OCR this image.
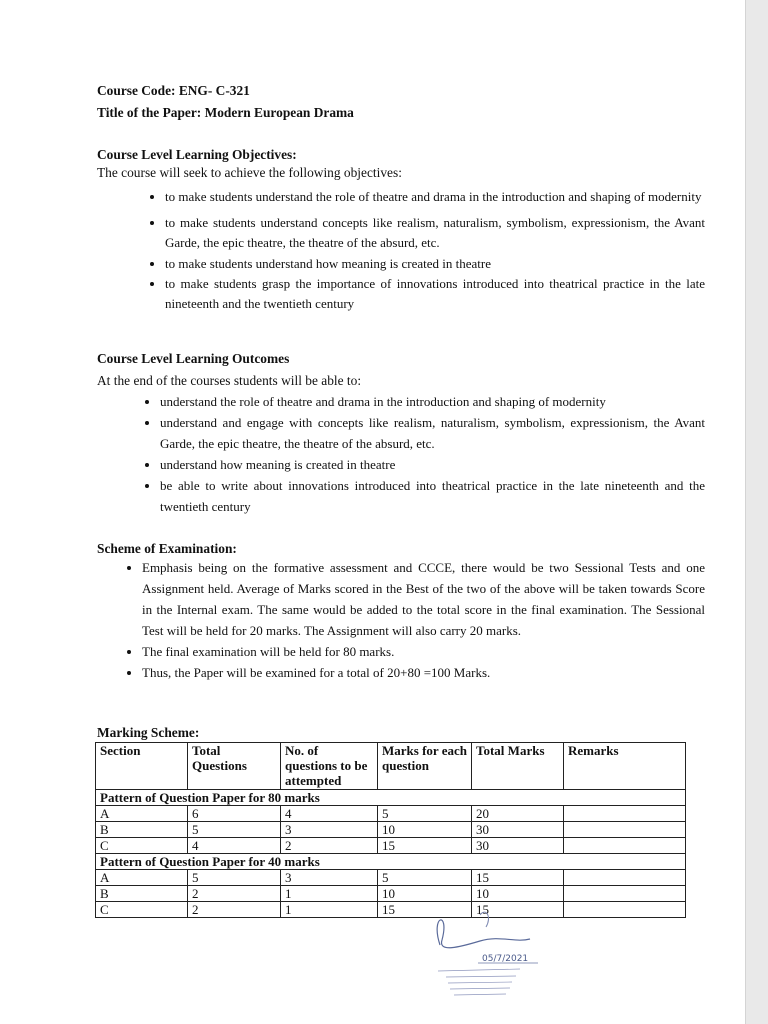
Course Code: ENG- C-321
Title of the Paper: Modern European Drama
Course Level Learning Objectives:
The course will seek to achieve the following objectives:
• to make students understand the role of theatre and drama in the introduction and shaping of modernity
• to make students understand concepts like realism, naturalism, symbolism, expressionism, the Avant Garde, the epic theatre, the theatre of the absurd, etc.
• to make students understand how meaning is created in theatre
• to make students grasp the importance of innovations introduced into theatrical practice in the late nineteenth and the twentieth century
Course Level Learning Outcomes
At the end of the courses students will be able to:
• understand the role of theatre and drama in the introduction and shaping of modernity
• understand and engage with concepts like realism, naturalism, symbolism, expressionism, the Avant Garde, the epic theatre, the theatre of the absurd, etc.
• understand how meaning is created in theatre
• be able to write about innovations introduced into theatrical practice in the late nineteenth and the twentieth century
Scheme of Examination:
• Emphasis being on the formative assessment and CCCE, there would be two Sessional Tests and one Assignment held. Average of Marks scored in the Best of the two of the above will be taken towards Score in the Internal exam. The same would be added to the total score in the final examination. The Sessional Test will be held for 20 marks. The Assignment will also carry 20 marks.
• The final examination will be held for 80 marks.
• Thus, the Paper will be examined for a total of 20+80 =100 Marks.
Marking Scheme:
Section	Total Questions	No. of questions to be attempted	Marks for each question	Total Marks	Remarks
Pattern of Question Paper for 80 marks					
A	6	4	5	20	
B	5	3	10	30	
C	4	2	15	30	
Pattern of Question Paper for 40 marks					
A	5	3	5	15	
B	2	1	10	10	
C	2	1	15	15	
05/7/2021
